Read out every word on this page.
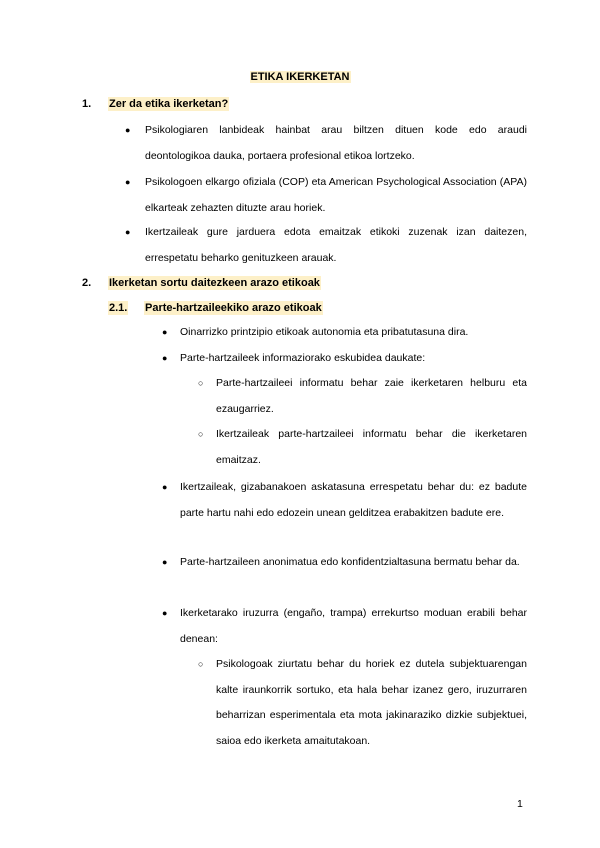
ETIKA IKERKETAN
1. Zer da etika ikerketan?
● Psikologiaren lanbideak hainbat arau biltzen dituen kode edo araudi deontologikoa dauka, portaera profesional etikoa lortzeko.
● Psikologoen elkargo ofiziala (COP) eta American Psychological Association (APA) elkarteak zehazten dituzte arau horiek.
● Ikertzaileak gure jarduera edota emaitzak etikoki zuzenak izan daitezen, errespetatu beharko genituzkeen arauak.
2. Ikerketan sortu daitezkeen arazo etikoak
2.1. Parte-hartzaileekiko arazo etikoak
● Oinarrizko printzipio etikoak autonomia eta pribatutasuna dira.
● Parte-hartzaileek informaziorako eskubidea daukate:
○ Parte-hartzaileei informatu behar zaie ikerketaren helburu eta ezaugarriez.
○ Ikertzaileak parte-hartzaileei informatu behar die ikerketaren emaitzaz.
● Ikertzaileak, gizabanakoen askatasuna errespetatu behar du: ez badute parte hartu nahi edo edozein unean gelditzea erabakitzen badute ere.
● Parte-hartzaileen anonimatua edo konfidentzialtasuna bermatu behar da.
● Ikerketarako iruzurra (engaño, trampa) errekurtso moduan erabili behar denean:
○ Psikologoak ziurtatu behar du horiek ez dutela subjektuarengan kalte iraunkorrik sortuko, eta hala behar izanez gero, iruzurraren beharrizan esperimentala eta mota jakinaraziko dizkie subjektuei, saioa edo ikerketa amaitutakoan.
1
